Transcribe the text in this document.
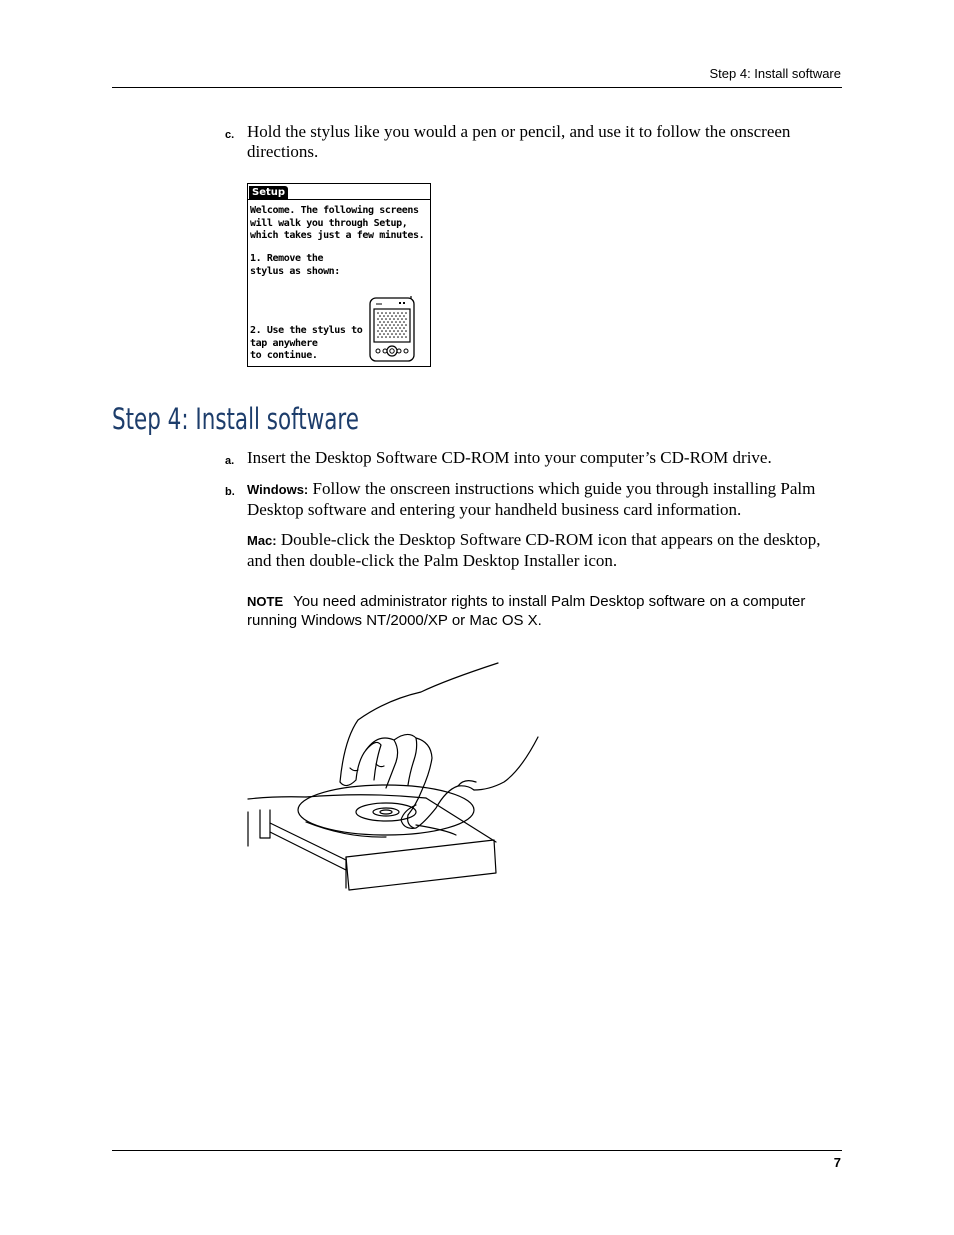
Step 4: Install software
c. Hold the stylus like you would a pen or pencil, and use it to follow the onscreen directions.
Setup
Welcome. The following screens
will walk you through Setup,
which takes just a few minutes.
1. Remove the
stylus as shown:
2. Use the stylus to
tap anywhere
to continue.
Step 4: Install software
a. Insert the Desktop Software CD-ROM into your computer’s CD-ROM drive.
b. Windows: Follow the onscreen instructions which guide you through installing Palm Desktop software and entering your handheld business card information.
Mac: Double-click the Desktop Software CD-ROM icon that appears on the desktop, and then double-click the Palm Desktop Installer icon.
NOTE You need administrator rights to install Palm Desktop software on a computer running Windows NT/2000/XP or Mac OS X.
7
